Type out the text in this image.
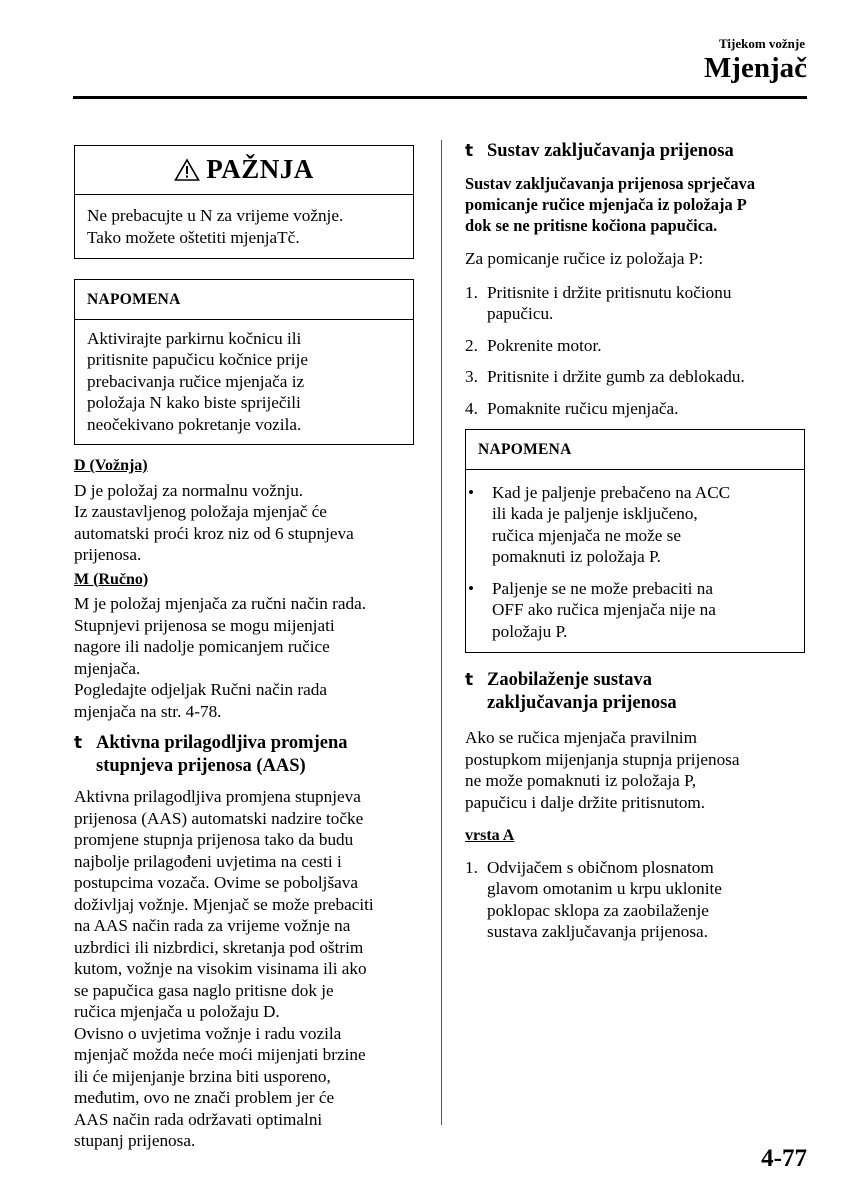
Tijekom vožnje
Mjenjač
PAŽNJA

Ne prebacujte u N za vrijeme vožnje.

Tako možete oštetiti mjenjaTč.

NAPOMENA

Aktivirajte parkirnu kočnicu ili

pritisnite papučicu kočnice prije

prebacivanja ručice mjenjača iz

položaja N kako biste spriječili

neočekivano pokretanje vozila.

D (Vožnja)

D je položaj za normalnu vožnju.

Iz zaustavljenog položaja mjenjač će

automatski proći kroz niz od 6 stupnjeva

prijenosa.

M (Ručno)

M je položaj mjenjača za ručni način rada.

Stupnjevi prijenosa se mogu mijenjati

nagore ili nadolje pomicanjem ručice

mjenjača.

Pogledajte odjeljak Ručni način rada

mjenjača na str. 4-78.

t Aktivna prilagodljiva promjena
stupnjeva prijenosa (AAS)

Aktivna prilagodljiva promjena stupnjeva

prijenosa (AAS) automatski nadzire točke

promjene stupnja prijenosa tako da budu

najbolje prilagođeni uvjetima na cesti i

postupcima vozača. Ovime se poboljšava

doživljaj vožnje. Mjenjač se može prebaciti

na AAS način rada za vrijeme vožnje na

uzbrdici ili nizbrdici, skretanja pod oštrim

kutom, vožnje na visokim visinama ili ako

se papučica gasa naglo pritisne dok je

ručica mjenjača u položaju D.

Ovisno o uvjetima vožnje i radu vozila

mjenjač možda neće moći mijenjati brzine

ili će mijenjanje brzina biti usporeno,

međutim, ovo ne znači problem jer će

AAS način rada održavati optimalni

stupanj prijenosa.

t Sustav zaključavanja prijenosa

Sustav zaključavanja prijenosa sprječava

pomicanje ručice mjenjača iz položaja P

dok se ne pritisne kočiona papučica.

Za pomicanje ručice iz položaja P:

1. Pritisnite i držite pritisnutu kočionu
papučicu.
2. Pokrenite motor.
3. Pritisnite i držite gumb za deblokadu.
4. Pomaknite ručicu mjenjača.
NAPOMENA
•	Kad je paljenje prebačeno na ACC
ili kada je paljenje isključeno,
ručica mjenjača ne može se
pomaknuti iz položaja P.
•	Paljenje se ne može prebaciti na
OFF ako ručica mjenjača nije na
položaju P.
t Zaobilaženje sustava
zaključavanja prijenosa

Ako se ručica mjenjača pravilnim

postupkom mijenjanja stupnja prijenosa

ne može pomaknuti iz položaja P,

papučicu i dalje držite pritisnutom.

vrsta A
1. Odvijačem s običnom plosnatom
glavom omotanim u krpu uklonite
poklopac sklopa za zaobilaženje
sustava zaključavanja prijenosa.
4-77
